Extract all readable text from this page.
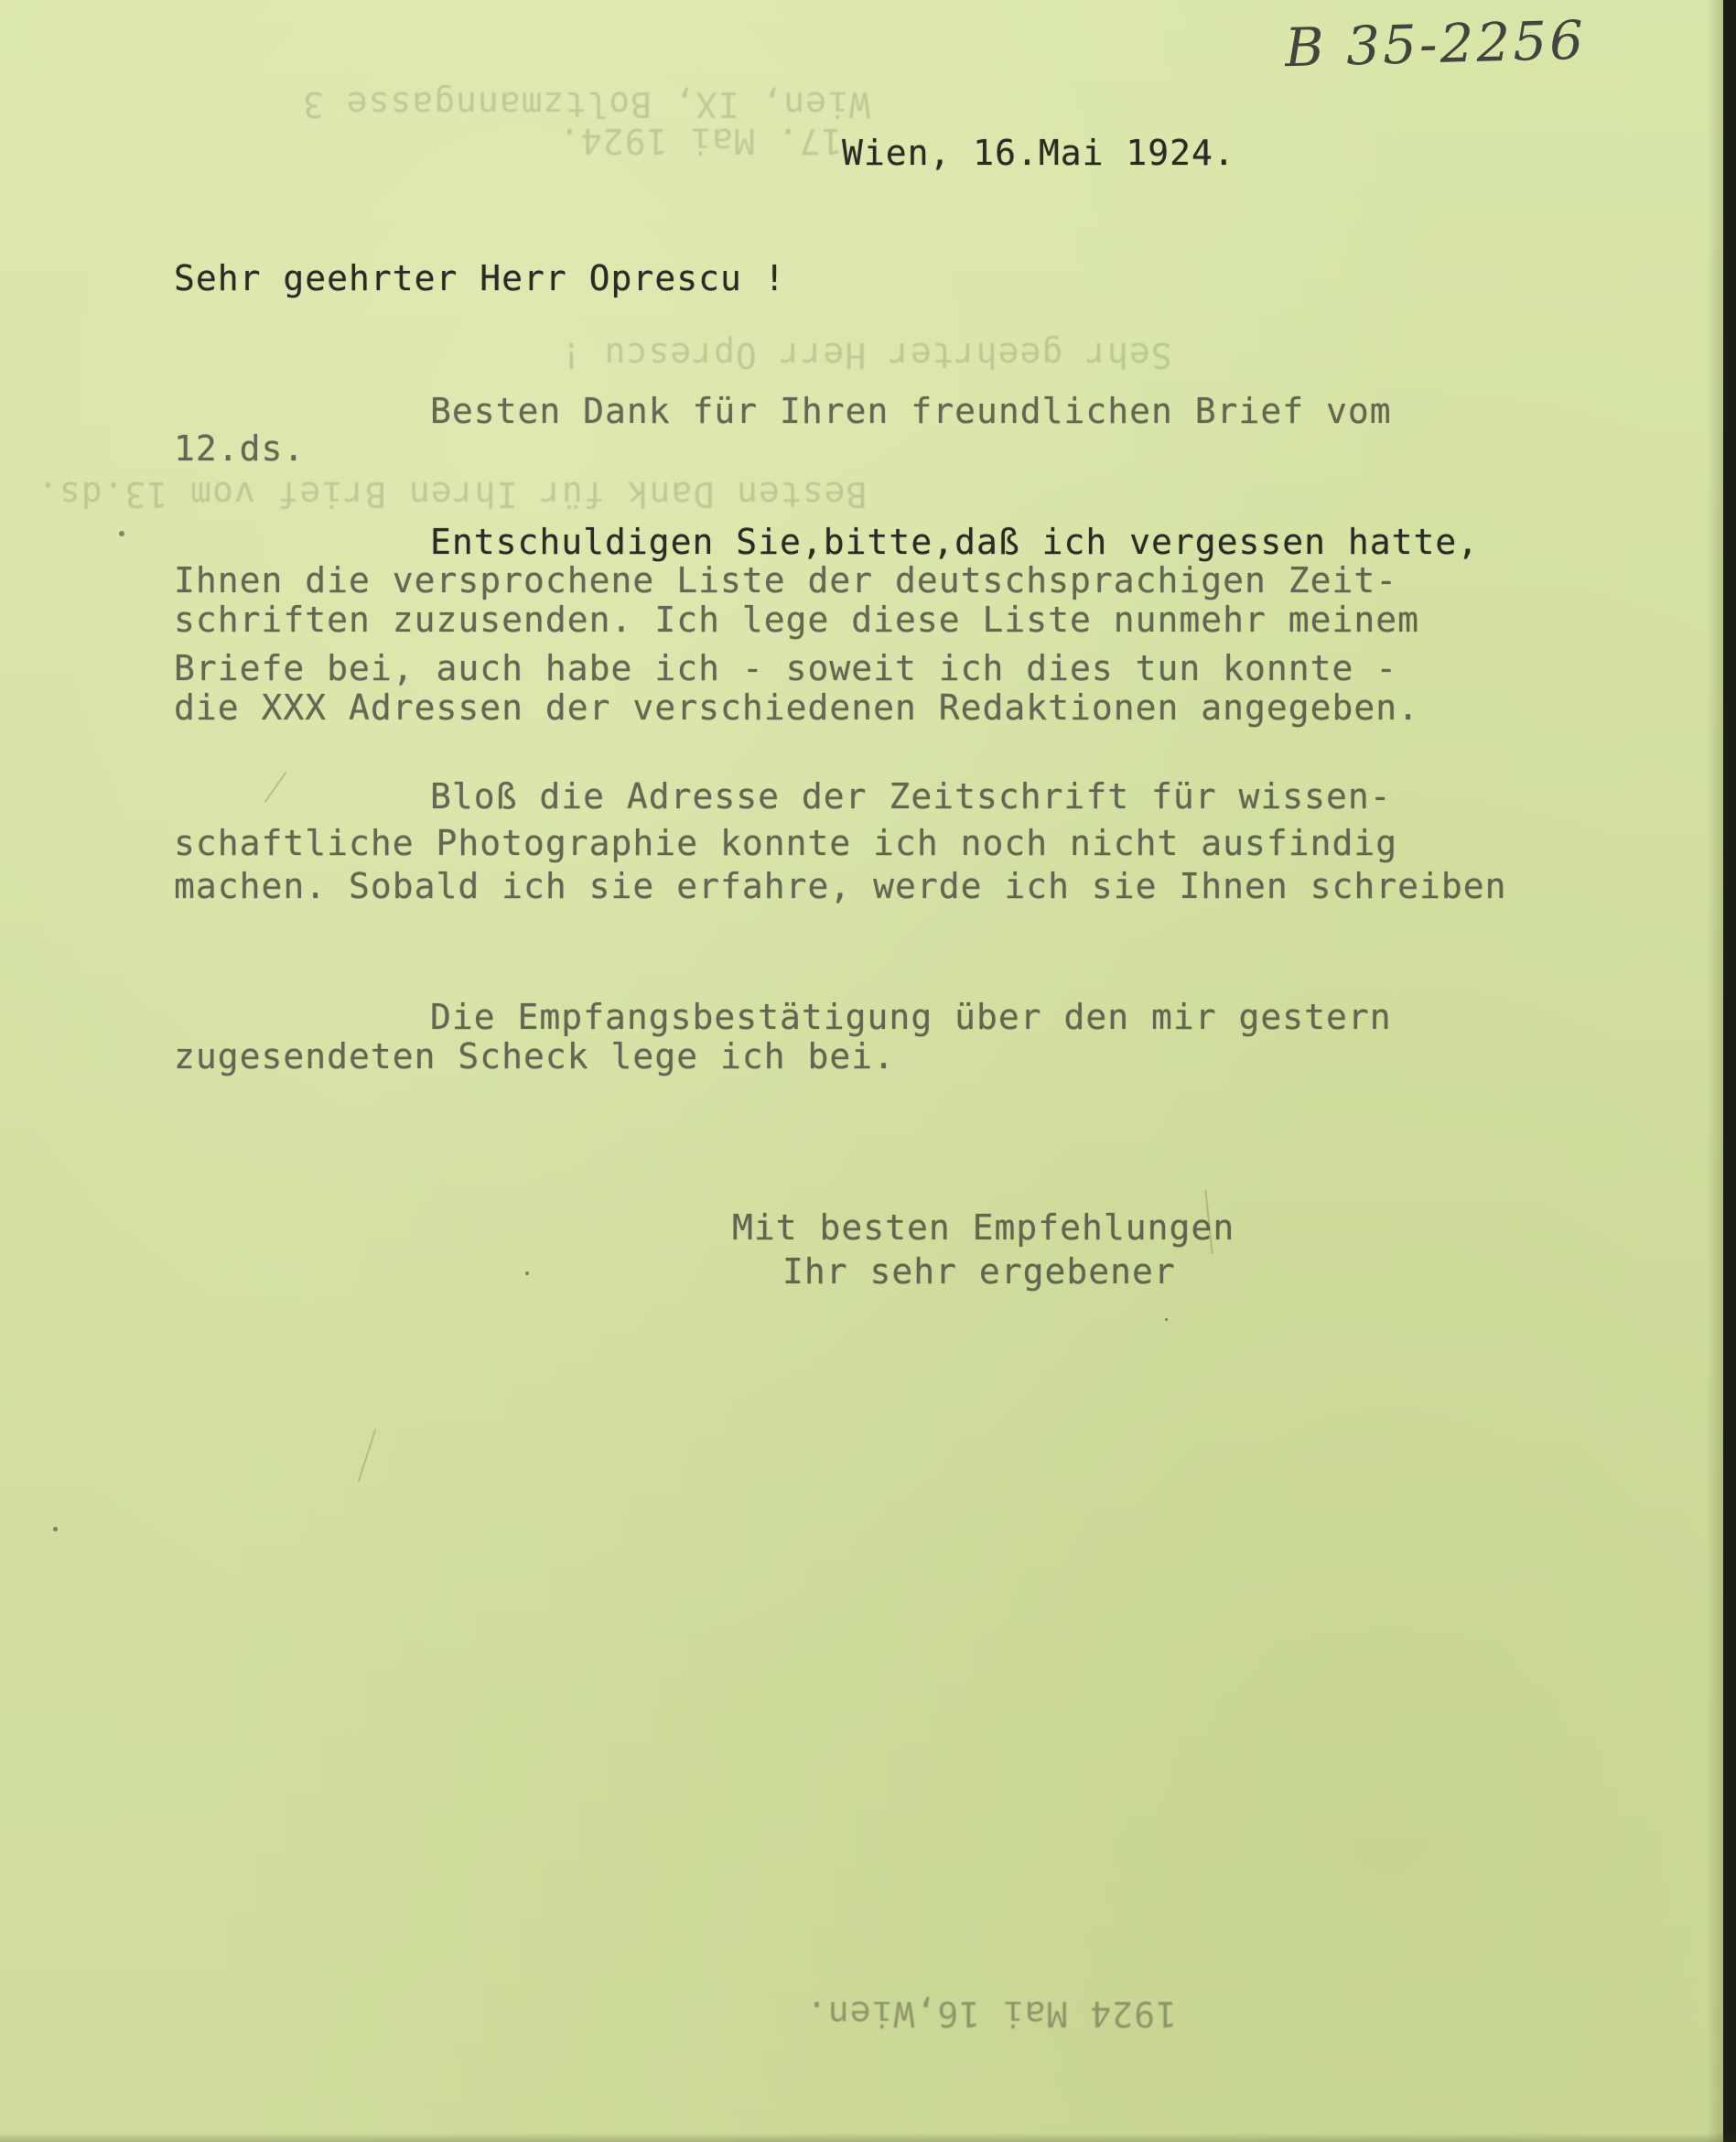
Wien, IX, Boltzmanngasse 3
17. Mai 1924.
Sehr geehrter Herr Oprescu !
Besten Dank für Ihren Brief vom 13.ds.
1924 Mai 16,Wien.
B 35-2256
Wien, 16.Mai 1924.
Sehr geehrter Herr Oprescu !
Besten Dank für Ihren freundlichen Brief vom
12.ds.
Entschuldigen Sie,bitte,daß ich vergessen hatte,
Ihnen die versprochene Liste der deutschsprachigen Zeit-
schriften zuzusenden. Ich lege diese Liste nunmehr meinem
Briefe bei, auch habe ich - soweit ich dies tun konnte -
die XXX Adressen der verschiedenen Redaktionen angegeben.
Bloß die Adresse der Zeitschrift für wissen-
schaftliche Photographie konnte ich noch nicht ausfindig
machen. Sobald ich sie erfahre, werde ich sie Ihnen schreiben
Die Empfangsbestätigung über den mir gestern
zugesendeten Scheck lege ich bei.
Mit besten Empfehlungen
Ihr sehr ergebener
